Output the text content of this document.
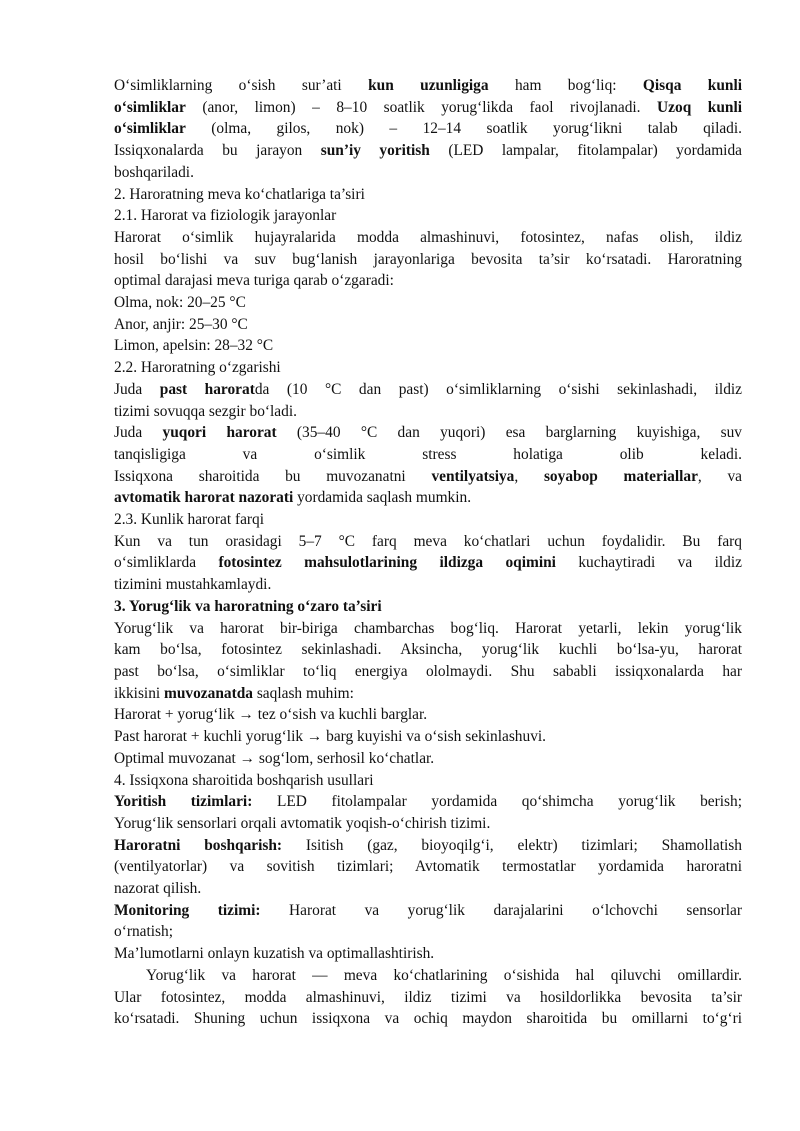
O‘simliklarning o‘sish sur’ati kun uzunligiga ham bog‘liq: Qisqa kunli

o‘simliklar (anor, limon) – 8–10 soatlik yorug‘likda faol rivojlanadi. Uzoq kunli

o‘simliklar (olma, gilos, nok) – 12–14 soatlik yorug‘likni talab qiladi.

Issiqxonalarda bu jarayon sun’iy yoritish (LED lampalar, fitolampalar) yordamida

boshqariladi.

2. Haroratning meva ko‘chatlariga ta’siri

2.1. Harorat va fiziologik jarayonlar

Harorat o‘simlik hujayralarida modda almashinuvi, fotosintez, nafas olish, ildiz

hosil bo‘lishi va suv bug‘lanish jarayonlariga bevosita ta’sir ko‘rsatadi. Haroratning

optimal darajasi meva turiga qarab o‘zgaradi:

Olma, nok: 20–25 °C

Anor, anjir: 25–30 °C

Limon, apelsin: 28–32 °C

2.2. Haroratning o‘zgarishi

Juda past haroratda (10 °C dan past) o‘simliklarning o‘sishi sekinlashadi, ildiz

tizimi sovuqqa sezgir bo‘ladi.

Juda yuqori harorat (35–40 °C dan yuqori) esa barglarning kuyishiga, suv

tanqisligiga va o‘simlik stress holatiga olib keladi.

Issiqxona sharoitida bu muvozanatni ventilyatsiya, soyabop materiallar, va

avtomatik harorat nazorati yordamida saqlash mumkin.

2.3. Kunlik harorat farqi

Kun va tun orasidagi 5–7 °C farq meva ko‘chatlari uchun foydalidir. Bu farq

o‘simliklarda fotosintez mahsulotlarining ildizga oqimini kuchaytiradi va ildiz

tizimini mustahkamlaydi.

3. Yorug‘lik va haroratning o‘zaro ta’siri

Yorug‘lik va harorat bir-biriga chambarchas bog‘liq. Harorat yetarli, lekin yorug‘lik

kam bo‘lsa, fotosintez sekinlashadi. Aksincha, yorug‘lik kuchli bo‘lsa-yu, harorat

past bo‘lsa, o‘simliklar to‘liq energiya ololmaydi. Shu sababli issiqxonalarda har

ikkisini muvozanatda saqlash muhim:

Harorat + yorug‘lik → tez o‘sish va kuchli barglar.

Past harorat + kuchli yorug‘lik → barg kuyishi va o‘sish sekinlashuvi.

Optimal muvozanat → sog‘lom, serhosil ko‘chatlar.

4. Issiqxona sharoitida boshqarish usullari

Yoritish tizimlari: LED fitolampalar yordamida qo‘shimcha yorug‘lik berish;

Yorug‘lik sensorlari orqali avtomatik yoqish-o‘chirish tizimi.

Haroratni boshqarish: Isitish (gaz, bioyoqilg‘i, elektr) tizimlari; Shamollatish

(ventilyatorlar) va sovitish tizimlari; Avtomatik termostatlar yordamida haroratni

nazorat qilish.

Monitoring tizimi: Harorat va yorug‘lik darajalarini o‘lchovchi sensorlar

o‘rnatish;

Ma’lumotlarni onlayn kuzatish va optimallashtirish.

Yorug‘lik va harorat — meva ko‘chatlarining o‘sishida hal qiluvchi omillardir.

Ular fotosintez, modda almashinuvi, ildiz tizimi va hosildorlikka bevosita ta’sir

ko‘rsatadi. Shuning uchun issiqxona va ochiq maydon sharoitida bu omillarni to‘g‘ri
